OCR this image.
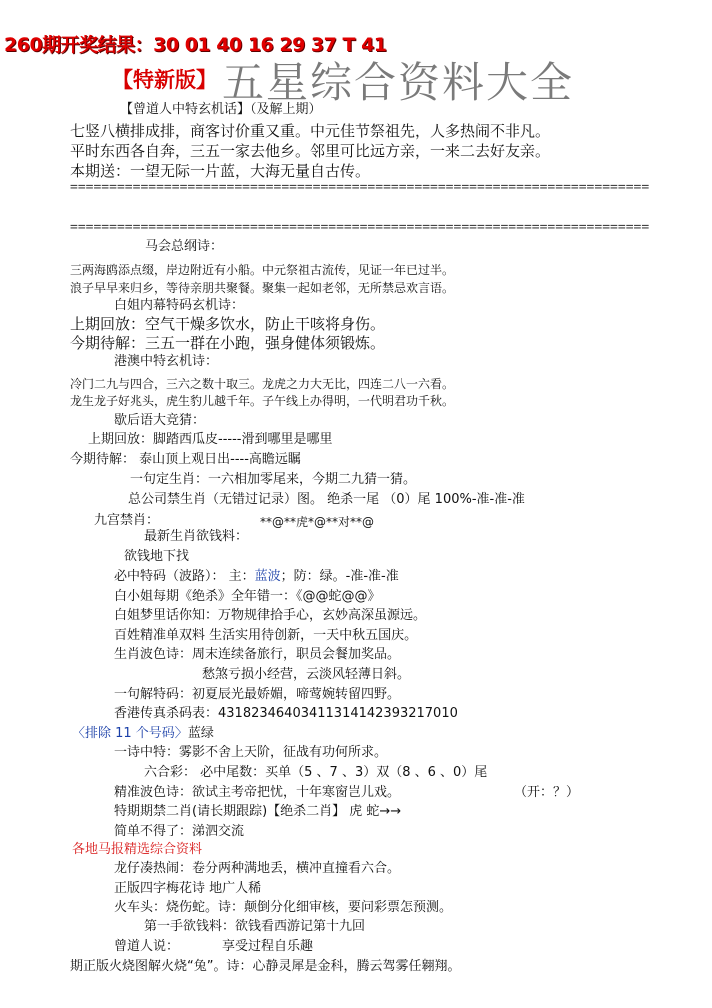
260期开奖结果：30 01 40 16 29 37 T 41
【特新版】 五星综合资料大全
【曾道人中特玄机话】（及解上期）
七竖八横排成排，商客讨价重又重。中元佳节祭祖先，人多热闹不非凡。
平时东西各自奔，三五一家去他乡。邻里可比远方亲，一来二去好友亲。
本期送：一望无际一片蓝，大海无量自古传。
==========================================================================
==========================================================================
马会总纲诗：
三两海鸥添点缀，岸边附近有小船。中元祭祖古流传，见证一年已过半。
浪子早早来归乡，等待亲朋共聚餐。聚集一起如老邻，无所禁忌欢言语。
白姐内幕特码玄机诗：
上期回放：空气干燥多饮水，防止干咳将身伤。
今期待解：三五一群在小跑，强身健体须锻炼。
港澳中特玄机诗：
冷门二九与四合，三六之数十取三。龙虎之力大无比，四连二八一六看。
龙生龙子好兆头，虎生豹儿越千年。子午线上办得明，一代明君功千秋。
歇后语大竞猜：
上期回放：脚踏西瓜皮-----滑到哪里是哪里
今期待解： 泰山顶上观日出----高瞻远瞩
一句定生肖：一六相加零尾来，今期二九猜一猜。
总公司禁生肖（无错过记录）图。 绝杀一尾 （0）尾 100%-准-准-准
九宫禁肖：	**@**虎*@**对**@
最新生肖欲钱料：
欲钱地下找
必中特码（波路）： 主：蓝波；防：绿。-准-准-准
白小姐每期《绝杀》全年错一：《@@蛇@@》
白姐梦里话你知：万物规律拾手心，玄妙高深虽源远。
百姓精准单双料 生活实用待创新，一天中秋五国庆。
生肖波色诗：周末连续备旅行，职员会餐加奖品。
愁煞亏损小经营，云淡风轻薄日斜。
一句解特码：初夏辰光最娇媚，啼莺婉转留四野。
香港传真杀码表：43182346403411314142393217010
〈排除 11 个号码〉蓝绿
一诗中特：雾影不舍上天阶，征战有功何所求。
六合彩： 必中尾数：买单（5 、7 、3）双（8 、6 、0）尾
精准波色诗：欲试主考帝把忧，十年寒窗岂儿戏。	（开：？）
特期期禁二肖(请长期跟踪)【绝杀二肖】 虎 蛇→→
简单不得了：涕泗交流
各地马报精选综合资料
龙仔凑热闹：卷分两种满地丢，横冲直撞看六合。
正版四字梅花诗 地广人稀
火车头：烧伤蛇。诗：颠倒分化细审核，要问彩票怎预测。
第一手欲钱料：欲钱看西游记第十九回
曾道人说：	享受过程自乐趣
期正版火烧图解火烧“兔”。诗：心静灵犀是金科，腾云驾雾任翱翔。
